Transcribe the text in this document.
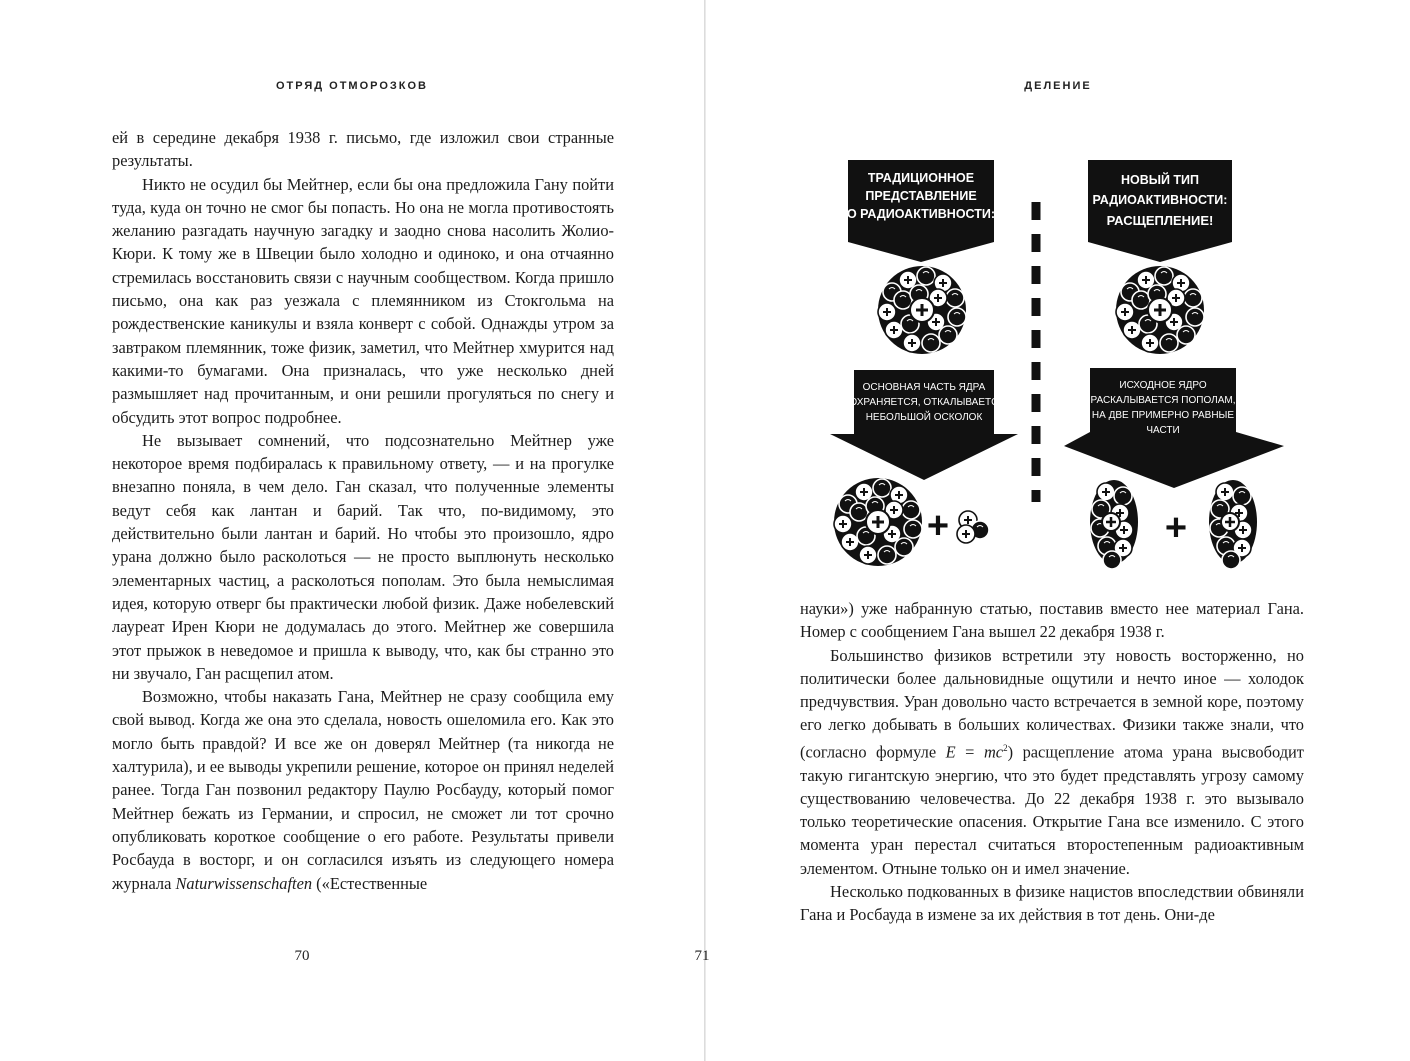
ОТРЯД ОТМОРОЗКОВ

ей в середине декабря 1938 г. письмо, где изложил свои странные результаты.

Никто не осудил бы Мейтнер, если бы она предложила Гану пойти туда, куда он точно не смог бы попасть. Но она не могла противостоять желанию разгадать научную загадку и заодно снова насолить Жолио-Кюри. К тому же в Швеции было холодно и одиноко, и она отчаянно стремилась восстановить связи с научным сообществом. Когда пришло письмо, она как раз уезжала с племянником из Стокгольма на рождественские каникулы и взяла конверт с собой. Однажды утром за завтраком племянник, тоже физик, заметил, что Мейтнер хмурится над какими-то бумагами. Она призналась, что уже несколько дней размышляет над прочитанным, и они решили прогуляться по снегу и обсудить этот вопрос подробнее.

Не вызывает сомнений, что подсознательно Мейтнер уже некоторое время подбиралась к правильному ответу, — и на прогулке внезапно поняла, в чем дело. Ган сказал, что полученные элементы ведут себя как лантан и барий. Так что, по-видимому, это действительно были лантан и барий. Но чтобы это произошло, ядро урана должно было расколоться — не просто выплюнуть несколько элементарных частиц, а расколоться пополам. Это была немыслимая идея, которую отверг бы практически любой физик. Даже нобелевский лауреат Ирен Кюри не додумалась до этого. Мейтнер же совершила этот прыжок в неведомое и пришла к выводу, что, как бы странно это ни звучало, Ган расщепил атом.

Возможно, чтобы наказать Гана, Мейтнер не сразу сообщила ему свой вывод. Когда же она это сделала, новость ошеломила его. Как это могло быть правдой? И все же он доверял Мейтнер (та никогда не халтурила), и ее выводы укрепили решение, которое он принял неделей ранее. Тогда Ган позвонил редактору Паулю Росбауду, который помог Мейтнер бежать из Германии, и спросил, не сможет ли тот срочно опубликовать короткое сообщение о его работе. Результаты привели Росбауда в восторг, и он согласился изъять из следующего номера журнала Naturwissenschaften («Естественные

70
ДЕЛЕНИЕ
ТРАДИЦИОННОЕ
ПРЕДСТАВЛЕНИЕ
О РАДИОАКТИВНОСТИ:
НОВЫЙ ТИП
РАДИОАКТИВНОСТИ:
РАСЩЕПЛЕНИЕ!
ОСНОВНАЯ ЧАСТЬ ЯДРА
СОХРАНЯЕТСЯ, ОТКАЛЫВАЕТСЯ
НЕБОЛЬШОЙ ОСКОЛОК
ИСХОДНОЕ ЯДРО
РАСКАЛЫВАЕТСЯ ПОПОЛАМ,
НА ДВЕ ПРИМЕРНО РАВНЫЕ
ЧАСТИ
+	+

науки») уже набранную статью, поставив вместо нее материал Гана. Номер с сообщением Гана вышел 22 декабря 1938 г.

Большинство физиков встретили эту новость восторженно, но политически более дальновидные ощутили и нечто иное — холодок предчувствия. Уран довольно часто встречается в земной коре, поэтому его легко добывать в больших количествах. Физики также знали, что (согласно формуле $E = mc^2$) расщепление атома урана высвободит такую гигантскую энергию, что это будет представлять угрозу самому существованию человечества. До 22 декабря 1938 г. это вызывало только теоретические опасения. Открытие Гана все изменило. С этого момента уран перестал считаться второстепенным радиоактивным элементом. Отныне только он и имел значение.

Несколько подкованных в физике нацистов впоследствии обвиняли Гана и Росбауда в измене за их действия в тот день. Они-де

71
